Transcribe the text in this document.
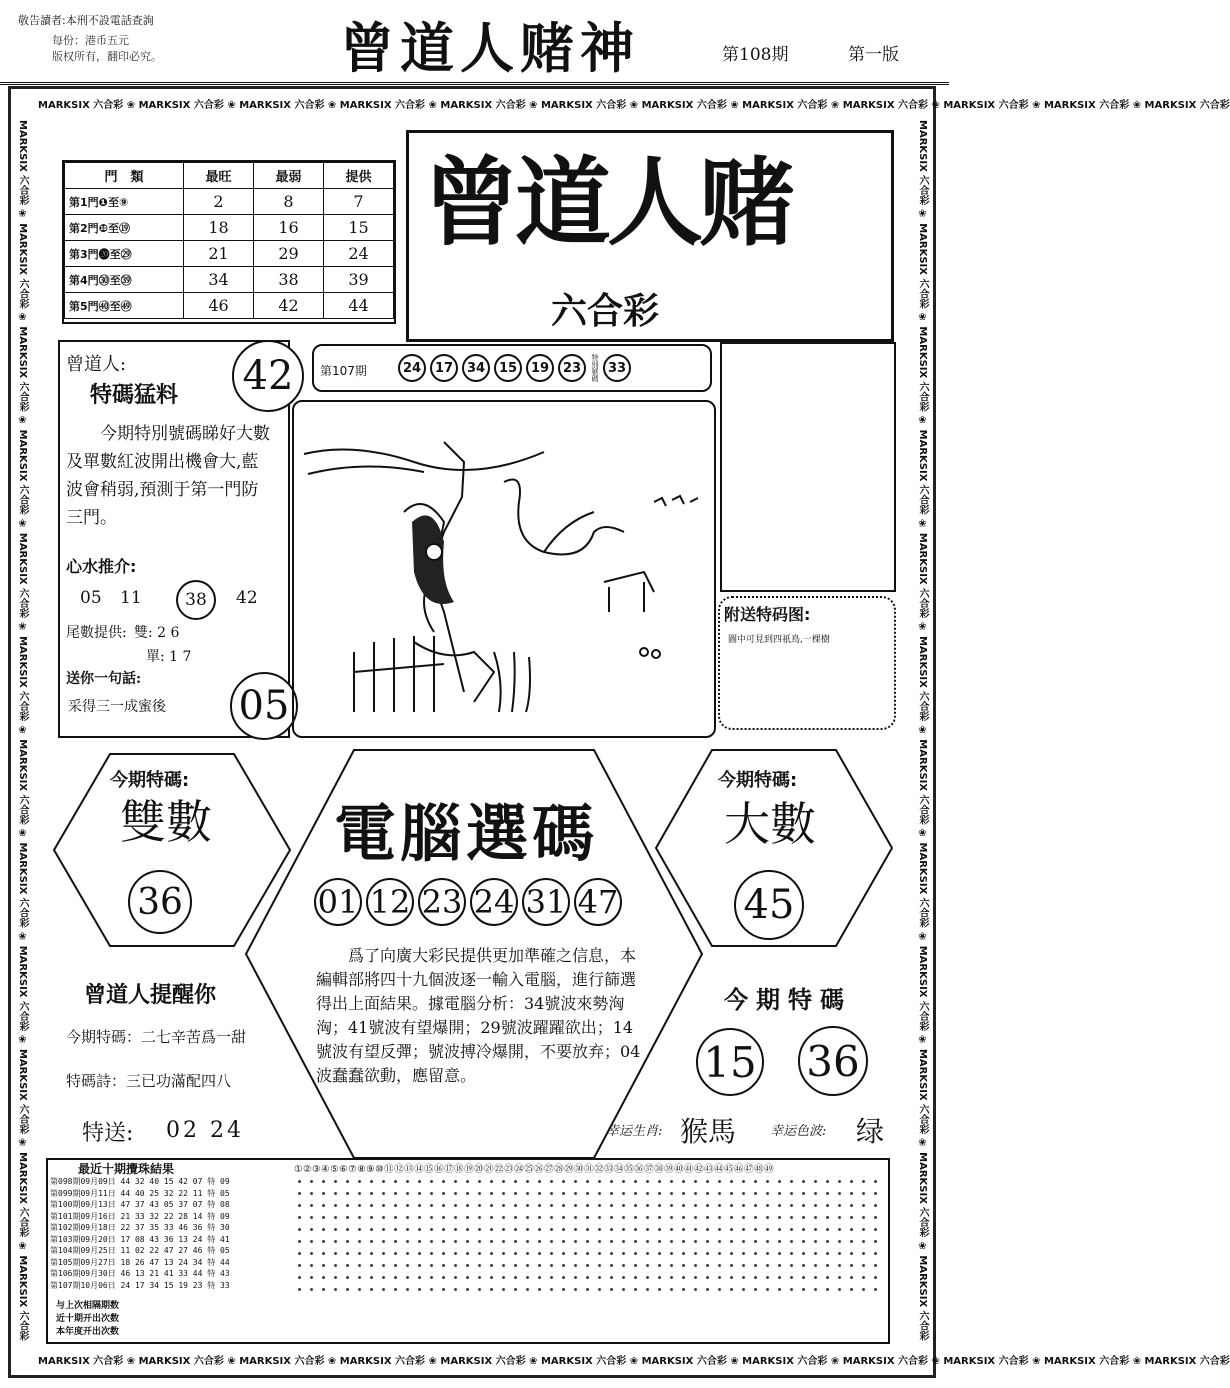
敬告讀者:本刑不設電話查詢
每份：港币五元
版权所有，翻印必究。	曾道人赌神	第108期	第一版
MARKSIX 六合彩 ❀ MARKSIX 六合彩 ❀ MARKSIX 六合彩 ❀ MARKSIX 六合彩 ❀ MARKSIX 六合彩 ❀ MARKSIX 六合彩 ❀ MARKSIX 六合彩 ❀ MARKSIX 六合彩 ❀ MARKSIX 六合彩 ❀ MARKSIX 六合彩 ❀ MARKSIX 六合彩 ❀ MARKSIX 六合彩
MARKSIX 六合彩 ❀ MARKSIX 六合彩 ❀ MARKSIX 六合彩 ❀ MARKSIX 六合彩 ❀ MARKSIX 六合彩 ❀ MARKSIX 六合彩 ❀ MARKSIX 六合彩 ❀ MARKSIX 六合彩 ❀ MARKSIX 六合彩 ❀ MARKSIX 六合彩 ❀ MARKSIX 六合彩 ❀ MARKSIX 六合彩
MARKSIX 六合彩 ❀ MARKSIX 六合彩 ❀ MARKSIX 六合彩 ❀ MARKSIX 六合彩 ❀ MARKSIX 六合彩 ❀ MARKSIX 六合彩 ❀ MARKSIX 六合彩 ❀ MARKSIX 六合彩 ❀ MARKSIX 六合彩 ❀ MARKSIX 六合彩 ❀ MARKSIX 六合彩 ❀ MARKSIX 六合彩	MARKSIX 六合彩 ❀ MARKSIX 六合彩 ❀ MARKSIX 六合彩 ❀ MARKSIX 六合彩 ❀ MARKSIX 六合彩 ❀ MARKSIX 六合彩 ❀ MARKSIX 六合彩 ❀ MARKSIX 六合彩 ❀ MARKSIX 六合彩 ❀ MARKSIX 六合彩 ❀ MARKSIX 六合彩 ❀ MARKSIX 六合彩
門　類	最旺	最弱	提供
第1門❶至⑨	2	8	7
第2門❿至⑲	18	16	15
第3門⓴至㉙	21	29	24
第4門㉚至㊴	34	38	39
第5門㊵至㊾	46	42	44
曾道人赌
六合彩
曾道人:
特碼猛料
今期特別號碼睇好大數及單數紅波開出機會大,藍波會稍弱,預測于第一門防三門。
心水推介:
05 11	38	42
尾數提供: 雙: 2 6
單: 1 7
送你一句話:
采得三一成蜜後
42
05
第107期	24	17	34	15	19	23	特別號碼 33
附送特码图:
圖中可見到四祇鳥,一棵樹
今期特碼:
雙數
36
今期特碼:
大數
45
電腦選碼
01 12 23 24 31 47
爲了向廣大彩民提供更加準確之信息，本編輯部將四十九個波逐一輸入電腦，進行篩選得出上面結果。據電腦分析：34號波來勢洶洶；41號波有望爆開；29號波躍躍欲出；14號波有望反彈；號波搏冷爆開，不要放弃；04波蠢蠢欲動，應留意。
曾道人提醒你
今期特碼：二七辛苦爲一甜
特碼詩：三已功滿配四八
特送: 02 24
今期特碼
15 36
幸运生肖: 猴馬	幸运色波: 绿
最近十期攪珠結果	①②③④⑤⑥⑦⑧⑨⑩⑪⑫⑬⑭⑮⑯⑰⑱⑲⑳㉑㉒㉓㉔㉕㉖㉗㉘㉙㉚㉛㉜㉝㉞㉟㊱㊲㊳㊴㊵㊶㊷㊸㊹㊺㊻㊼㊽㊾
第098期09月09日 44 32 40 15 42 07 特 09
第099期09月11日 44 40 25 32 22 11 特 05
第100期09月13日 47 37 43 05 37 07 特 08
第101期09月16日 21 33 32 22 28 14 特 09
第102期09月18日 22 37 35 33 46 36 特 30
第103期09月20日 17 08 43 36 13 24 特 41
第104期09月25日 11 02 22 47 27 46 特 05
第105期09月27日 18 26 47 13 24 34 特 44
第106期09月30日 46 13 21 41 33 44 特 43
第107期10月06日 24 17 34 15 19 23 特 33
与上次相隔期数
近十期开出次数
本年度开出次数
